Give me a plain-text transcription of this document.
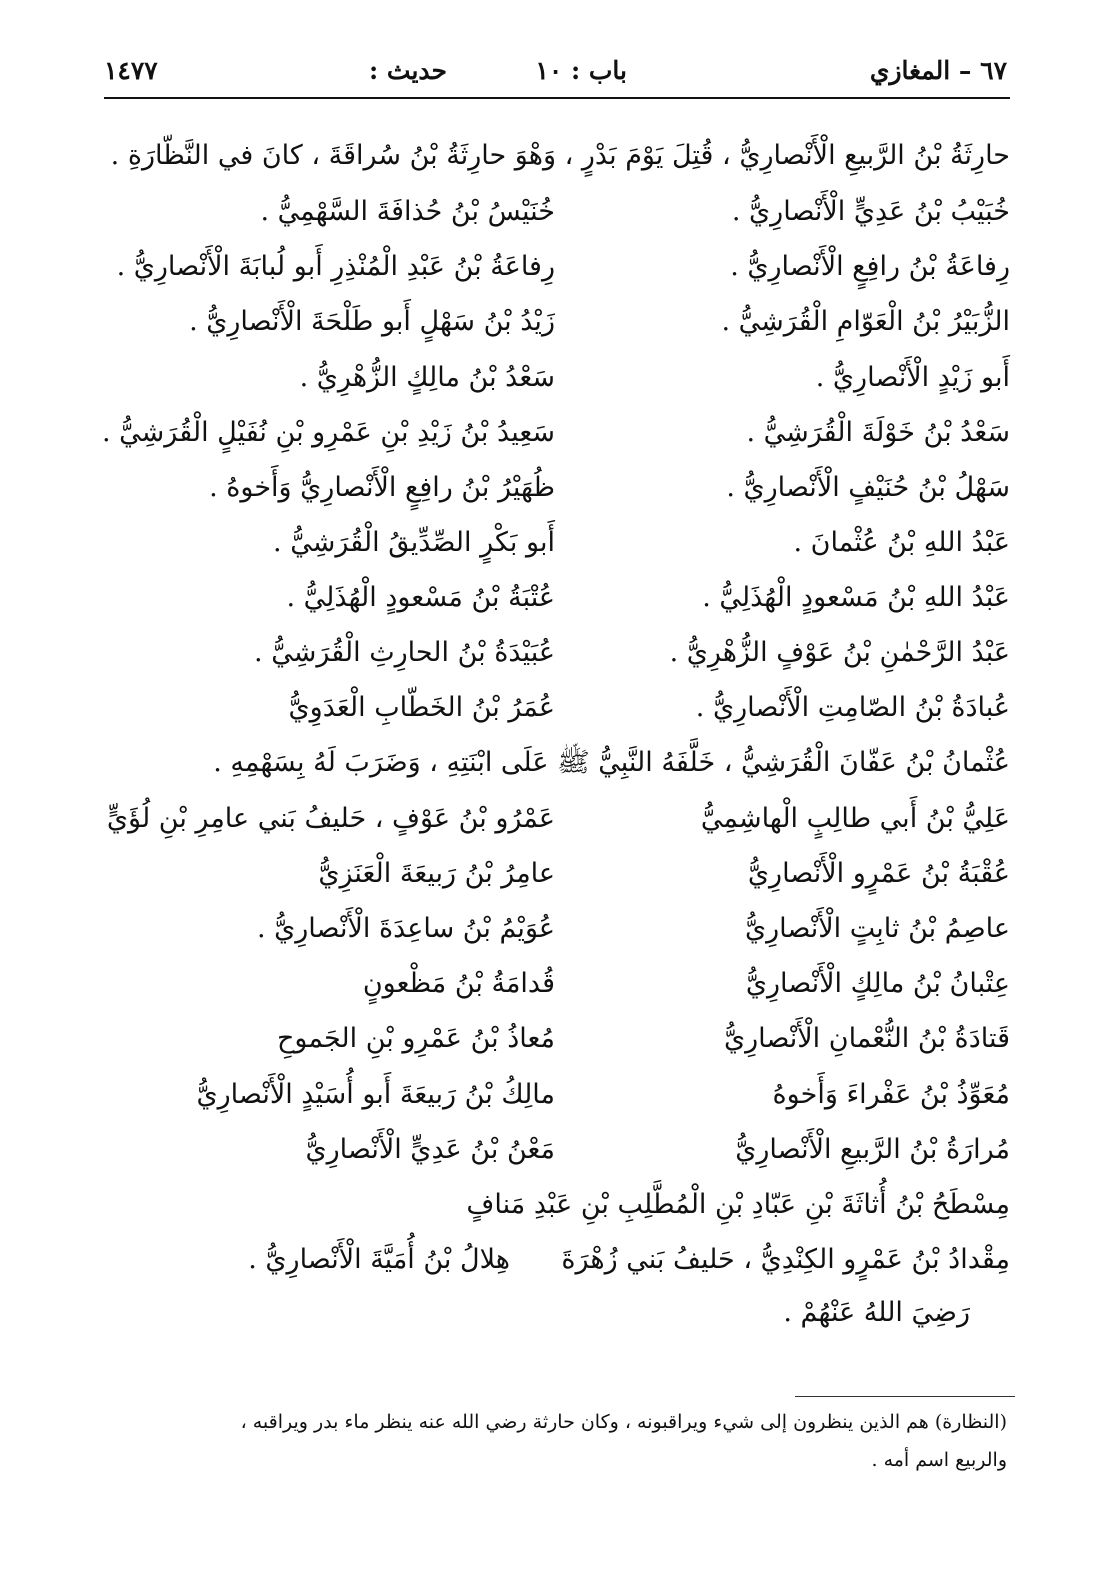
٦٧ – المغازي
باب : ١٠
حديث :
١٤٧٧
حارِثَةُ بْنُ الرَّبيعِ الْأَنْصارِيُّ ، قُتِلَ يَوْمَ بَدْرٍ ، وَهْوَ حارِثَةُ بْنُ سُراقَةَ ، كانَ في النَّظّارَةِ .
خُبَيْبُ بْنُ عَدِيٍّ الْأَنْصارِيُّ .
خُنَيْسُ بْنُ حُذافَةَ السَّهْمِيُّ .
رِفاعَةُ بْنُ رافِعٍ الْأَنْصارِيُّ .
رِفاعَةُ بْنُ عَبْدِ الْمُنْذِرِ أَبو لُبابَةَ الْأَنْصارِيُّ .
الزُّبَيْرُ بْنُ الْعَوّامِ الْقُرَشِيُّ .
زَيْدُ بْنُ سَهْلٍ أَبو طَلْحَةَ الْأَنْصارِيُّ .
أَبو زَيْدٍ الْأَنْصارِيُّ .
سَعْدُ بْنُ مالِكٍ الزُّهْرِيُّ .
سَعْدُ بْنُ خَوْلَةَ الْقُرَشِيُّ .
سَعِيدُ بْنُ زَيْدِ بْنِ عَمْرِو بْنِ نُفَيْلٍ الْقُرَشِيُّ .
سَهْلُ بْنُ حُنَيْفٍ الْأَنْصارِيُّ .
ظُهَيْرُ بْنُ رافِعٍ الْأَنْصارِيُّ وَأَخوهُ .
عَبْدُ اللهِ بْنُ عُثْمانَ .
أَبو بَكْرٍ الصِّدِّيقُ الْقُرَشِيُّ .
عَبْدُ اللهِ بْنُ مَسْعودٍ الْهُذَلِيُّ .
عُتْبَةُ بْنُ مَسْعودٍ الْهُذَلِيُّ .
عَبْدُ الرَّحْمٰنِ بْنُ عَوْفٍ الزُّهْرِيُّ .
عُبَيْدَةُ بْنُ الحارِثِ الْقُرَشِيُّ .
عُبادَةُ بْنُ الصّامِتِ الْأَنْصارِيُّ .
عُمَرُ بْنُ الخَطّابِ الْعَدَوِيُّ
عُثْمانُ بْنُ عَفّانَ الْقُرَشِيُّ ، خَلَّفَهُ النَّبِيُّ ﷺ عَلَى ابْنَتِهِ ، وَضَرَبَ لَهُ بِسَهْمِهِ .
عَلِيُّ بْنُ أَبي طالِبٍ الْهاشِمِيُّ
عَمْرُو بْنُ عَوْفٍ ، حَليفُ بَني عامِرِ بْنِ لُؤَيٍّ
عُقْبَةُ بْنُ عَمْرٍو الْأَنْصارِيُّ
عامِرُ بْنُ رَبيعَةَ الْعَنَزِيُّ
عاصِمُ بْنُ ثابِتٍ الْأَنْصارِيُّ
عُوَيْمُ بْنُ ساعِدَةَ الْأَنْصارِيُّ .
عِتْبانُ بْنُ مالِكٍ الْأَنْصارِيُّ
قُدامَةُ بْنُ مَظْعونٍ
قَتادَةُ بْنُ النُّعْمانِ الْأَنْصارِيُّ
مُعاذُ بْنُ عَمْرِو بْنِ الجَموحِ
مُعَوِّذُ بْنُ عَفْراءَ وَأَخوهُ
مالِكُ بْنُ رَبيعَةَ أَبو أُسَيْدٍ الْأَنْصارِيُّ
مُرارَةُ بْنُ الرَّبيعِ الْأَنْصارِيُّ
مَعْنُ بْنُ عَدِيٍّ الْأَنْصارِيُّ
مِسْطَحُ بْنُ أُثاثَةَ بْنِ عَبّادِ بْنِ الْمُطَّلِبِ بْنِ عَبْدِ مَنافٍ
مِقْدادُ بْنُ عَمْرٍو الكِنْدِيُّ ، حَليفُ بَني زُهْرَةَ
هِلالُ بْنُ أُمَيَّةَ الْأَنْصارِيُّ .
رَضِيَ اللهُ عَنْهُمْ .
(النظارة) هم الذين ينظرون إلى شيء ويراقبونه ، وكان حارثة رضي الله عنه ينظر ماء بدر ويراقبه ،
والربيع اسم أمه .
